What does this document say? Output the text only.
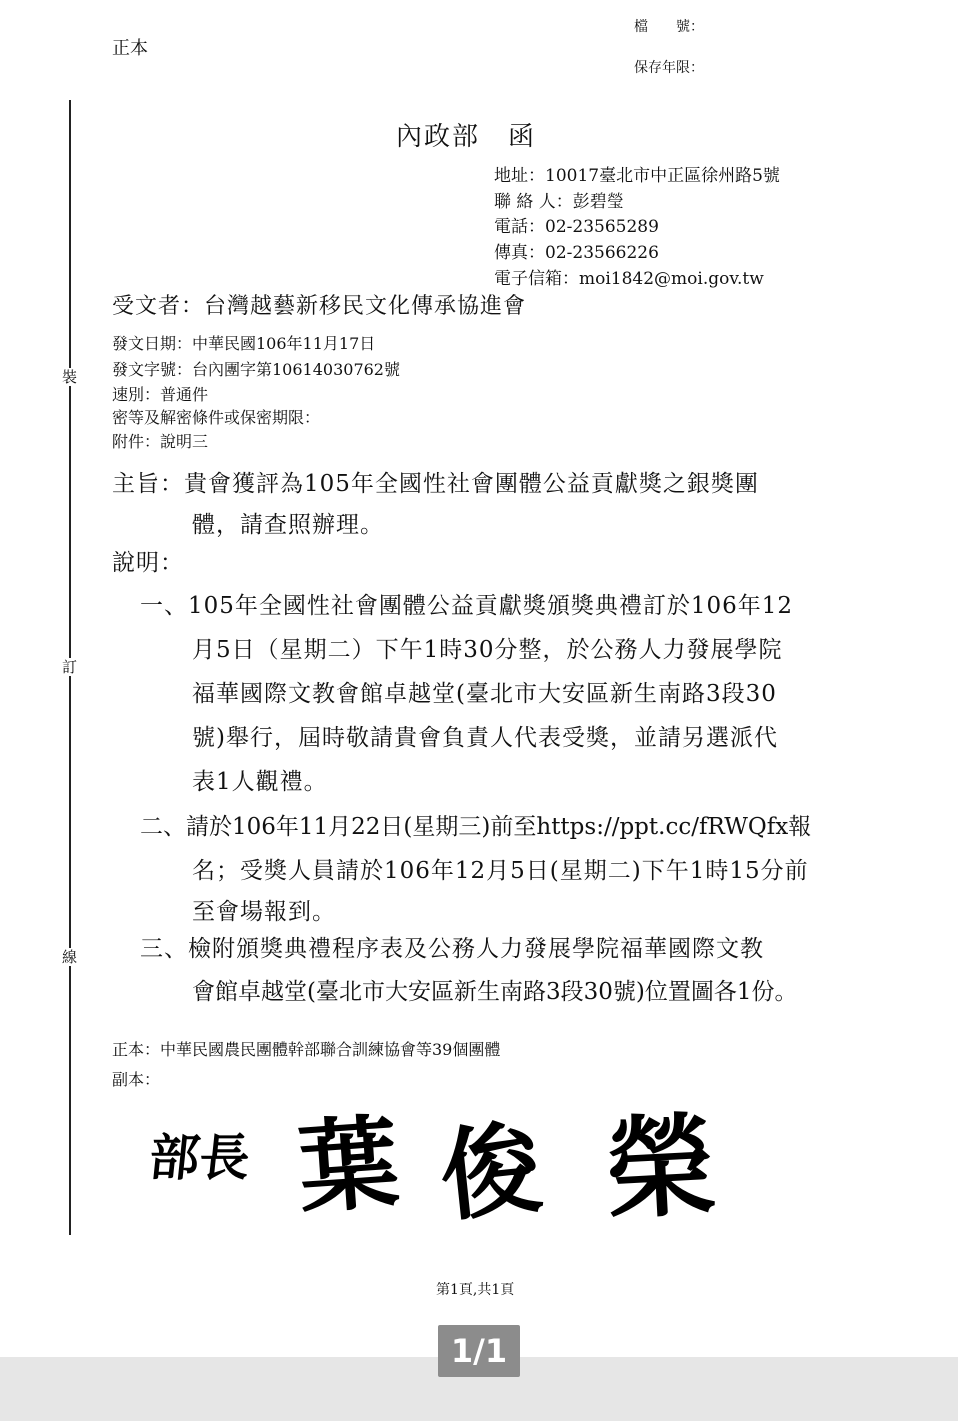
裝
訂
線
正本
檔　　號：
保存年限：
內政部　函
地址：10017臺北市中正區徐州路5號
聯 絡 人：彭碧瑩
電話：02-23565289
傳真：02-23566226
電子信箱：moi1842@moi.gov.tw
受文者：台灣越藝新移民文化傳承協進會
發文日期：中華民國106年11月17日
發文字號：台內團字第10614030762號
速別：普通件
密等及解密條件或保密期限：
附件：說明三
主旨：貴會獲評為105年全國性社會團體公益貢獻獎之銀獎團
體，請查照辦理。
說明：
一、105年全國性社會團體公益貢獻獎頒獎典禮訂於106年12
月5日（星期二）下午1時30分整，於公務人力發展學院
福華國際文教會館卓越堂(臺北市大安區新生南路3段30
號)舉行，屆時敬請貴會負責人代表受獎，並請另選派代
表1人觀禮。
二、請於106年11月22日(星期三)前至https://ppt.cc/fRWQfx報
名；受獎人員請於106年12月5日(星期二)下午1時15分前
至會場報到。
三、檢附頒獎典禮程序表及公務人力發展學院福華國際文教
會館卓越堂(臺北市大安區新生南路3段30號)位置圖各1份。
正本：中華民國農民團體幹部聯合訓練協會等39個團體
副本：
部長 葉 俊 榮
第1頁,共1頁
1/1
